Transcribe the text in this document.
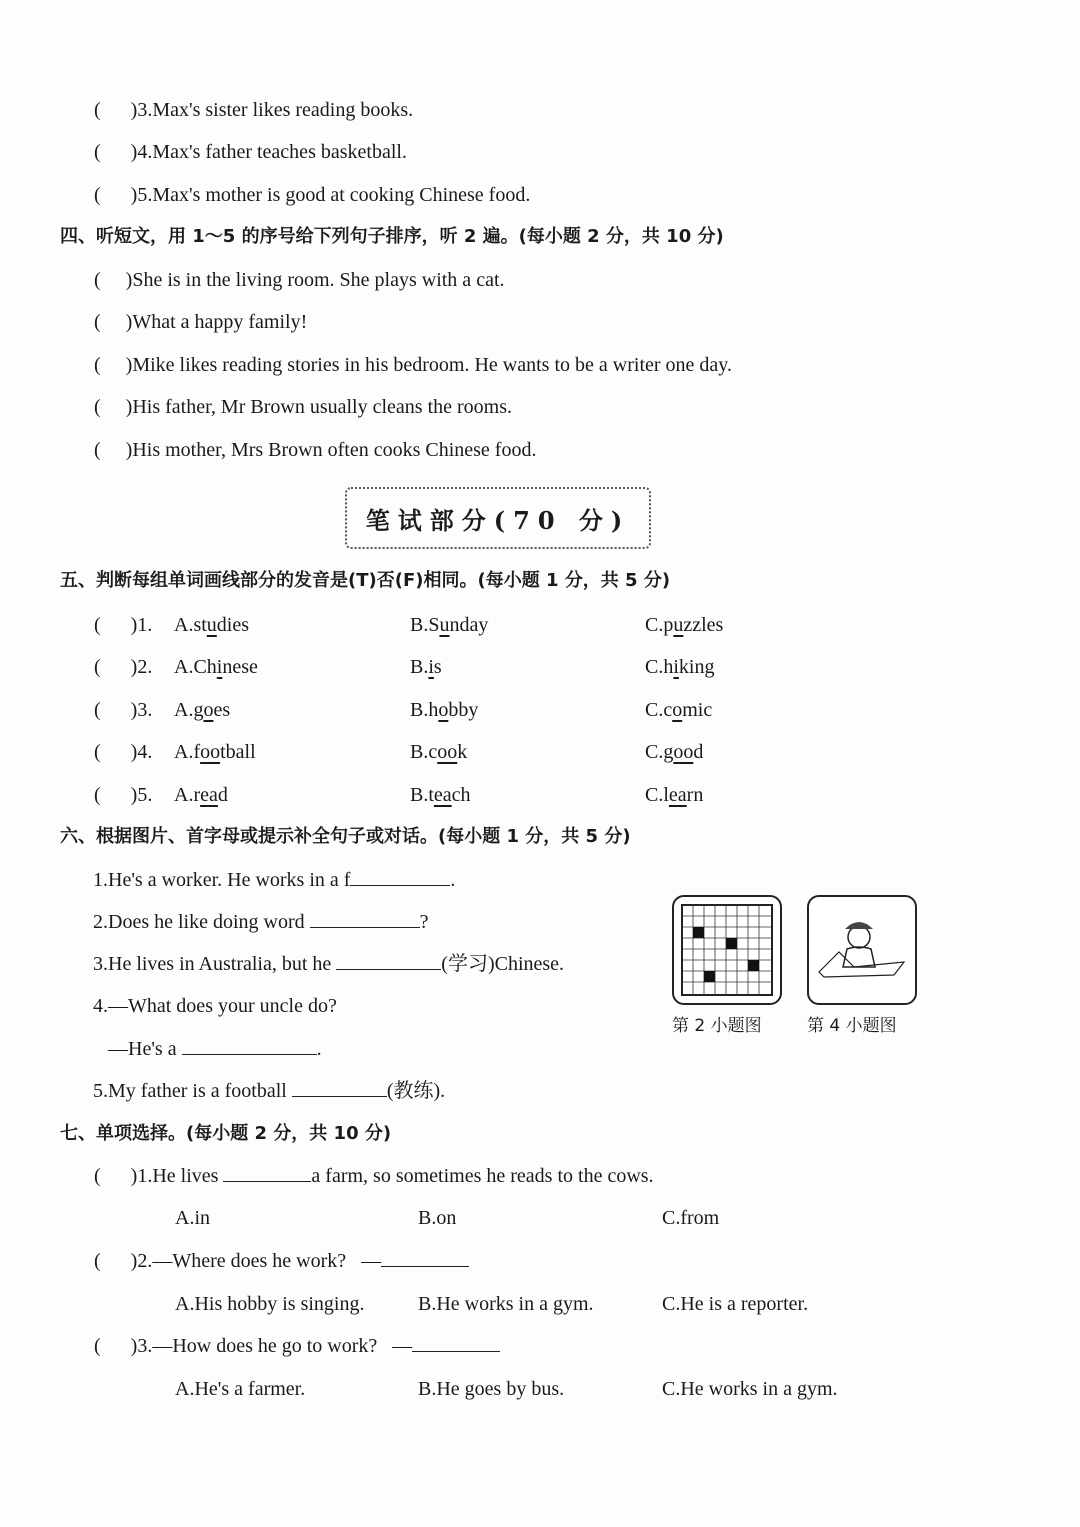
(      )3.Max's sister likes reading books.
(      )4.Max's father teaches basketball.
(      )5.Max's mother is good at cooking Chinese food.
四、听短文，用 1～5 的序号给下列句子排序，听 2 遍。(每小题 2 分，共 10 分)
(     )She is in the living room. She plays with a cat.
(     )What a happy family!
(     )Mike likes reading stories in his bedroom. He wants to be a writer one day.
(     )His father, Mr Brown usually cleans the rooms.
(     )His mother, Mrs Brown often cooks Chinese food.
笔试部分(70 分)
五、判断每组单词画线部分的发音是(T)否(F)相同。(每小题 1 分，共 5 分)
(      )1. A.studies	B.Sunday	C.puzzles
(      )2. A.Chinese	B.is	C.hiking
(      )3. A.goes	B.hobby	C.comic
(      )4. A.football	B.cook	C.good
(      )5. A.read	B.teach	C.learn
六、根据图片、首字母或提示补全句子或对话。(每小题 1 分，共 5 分)
1.He's a worker. He works in a f	.
2.Does he like doing word	?
3.He lives in Australia, but he	(学习)Chinese.
4.—What does your uncle do?
—He's a	.
5.My father is a football	(教练).
第 2 小题图	第 4 小题图
七、单项选择。(每小题 2 分，共 10 分)
(      )1.He lives	a farm, so sometimes he reads to the cows.
A.in	B.on	C.from
(      )2.—Where does he work?   —
A.His hobby is singing.	B.He works in a gym.	C.He is a reporter.
(      )3.—How does he go to work?   —
A.He's a farmer.	B.He goes by bus.	C.He works in a gym.
